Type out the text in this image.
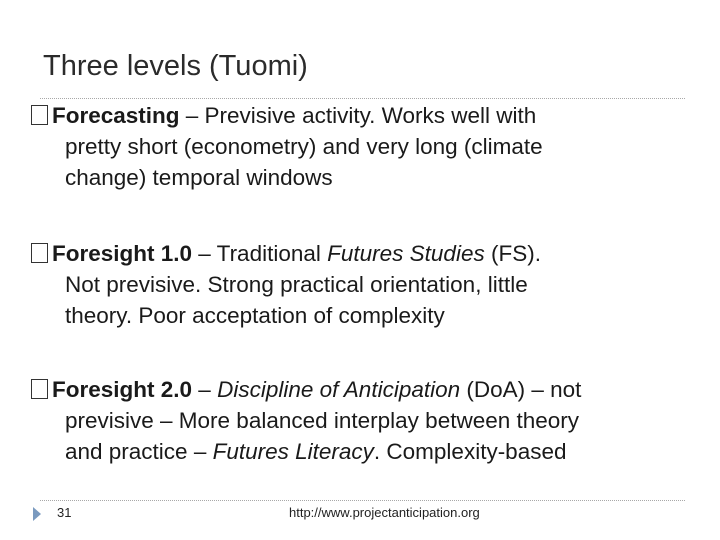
Three levels (Tuomi)
Forecasting – Previsive activity. Works well with
pretty short (econometry) and very long (climate
change) temporal windows
Foresight 1.0 – Traditional Futures Studies (FS).
Not previsive. Strong practical orientation, little
theory. Poor acceptation of complexity
Foresight 2.0 – Discipline of Anticipation (DoA) – not
previsive – More balanced interplay between theory
and practice – Futures Literacy. Complexity-based
31	http://www.projectanticipation.org
